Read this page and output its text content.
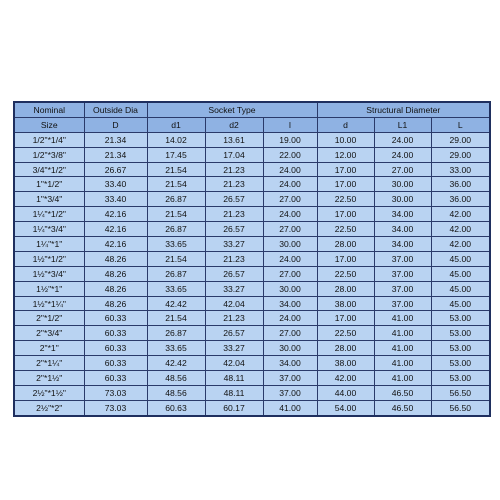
Nominal	Outside Dia	Socket Type			Structural Diameter		
Size	D	d1	d2	l	d	L1	L
1/2"*1/4"	21.34	14.02	13.61	19.00	10.00	24.00	29.00
1/2"*3/8"	21.34	17.45	17.04	22.00	12.00	24.00	29.00
3/4"*1/2"	26.67	21.54	21.23	24.00	17.00	27.00	33.00
1"*1/2"	33.40	21.54	21.23	24.00	17.00	30.00	36.00
1"*3/4"	33.40	26.87	26.57	27.00	22.50	30.00	36.00
1¼"*1/2"	42.16	21.54	21.23	24.00	17.00	34.00	42.00
1¼"*3/4"	42.16	26.87	26.57	27.00	22.50	34.00	42.00
1¼"*1"	42.16	33.65	33.27	30.00	28.00	34.00	42.00
1½"*1/2"	48.26	21.54	21.23	24.00	17.00	37.00	45.00
1½"*3/4"	48.26	26.87	26.57	27.00	22.50	37.00	45.00
1½"*1"	48.26	33.65	33.27	30.00	28.00	37.00	45.00
1½"*1¼"	48.26	42.42	42.04	34.00	38.00	37.00	45.00
2"*1/2"	60.33	21.54	21.23	24.00	17.00	41.00	53.00
2"*3/4"	60.33	26.87	26.57	27.00	22.50	41.00	53.00
2"*1"	60.33	33.65	33.27	30.00	28.00	41.00	53.00
2"*1¼"	60.33	42.42	42.04	34.00	38.00	41.00	53.00
2"*1½"	60.33	48.56	48.11	37.00	42.00	41.00	53.00
2½"*1½"	73.03	48.56	48.11	37.00	44.00	46.50	56.50
2½"*2"	73.03	60.63	60.17	41.00	54.00	46.50	56.50
